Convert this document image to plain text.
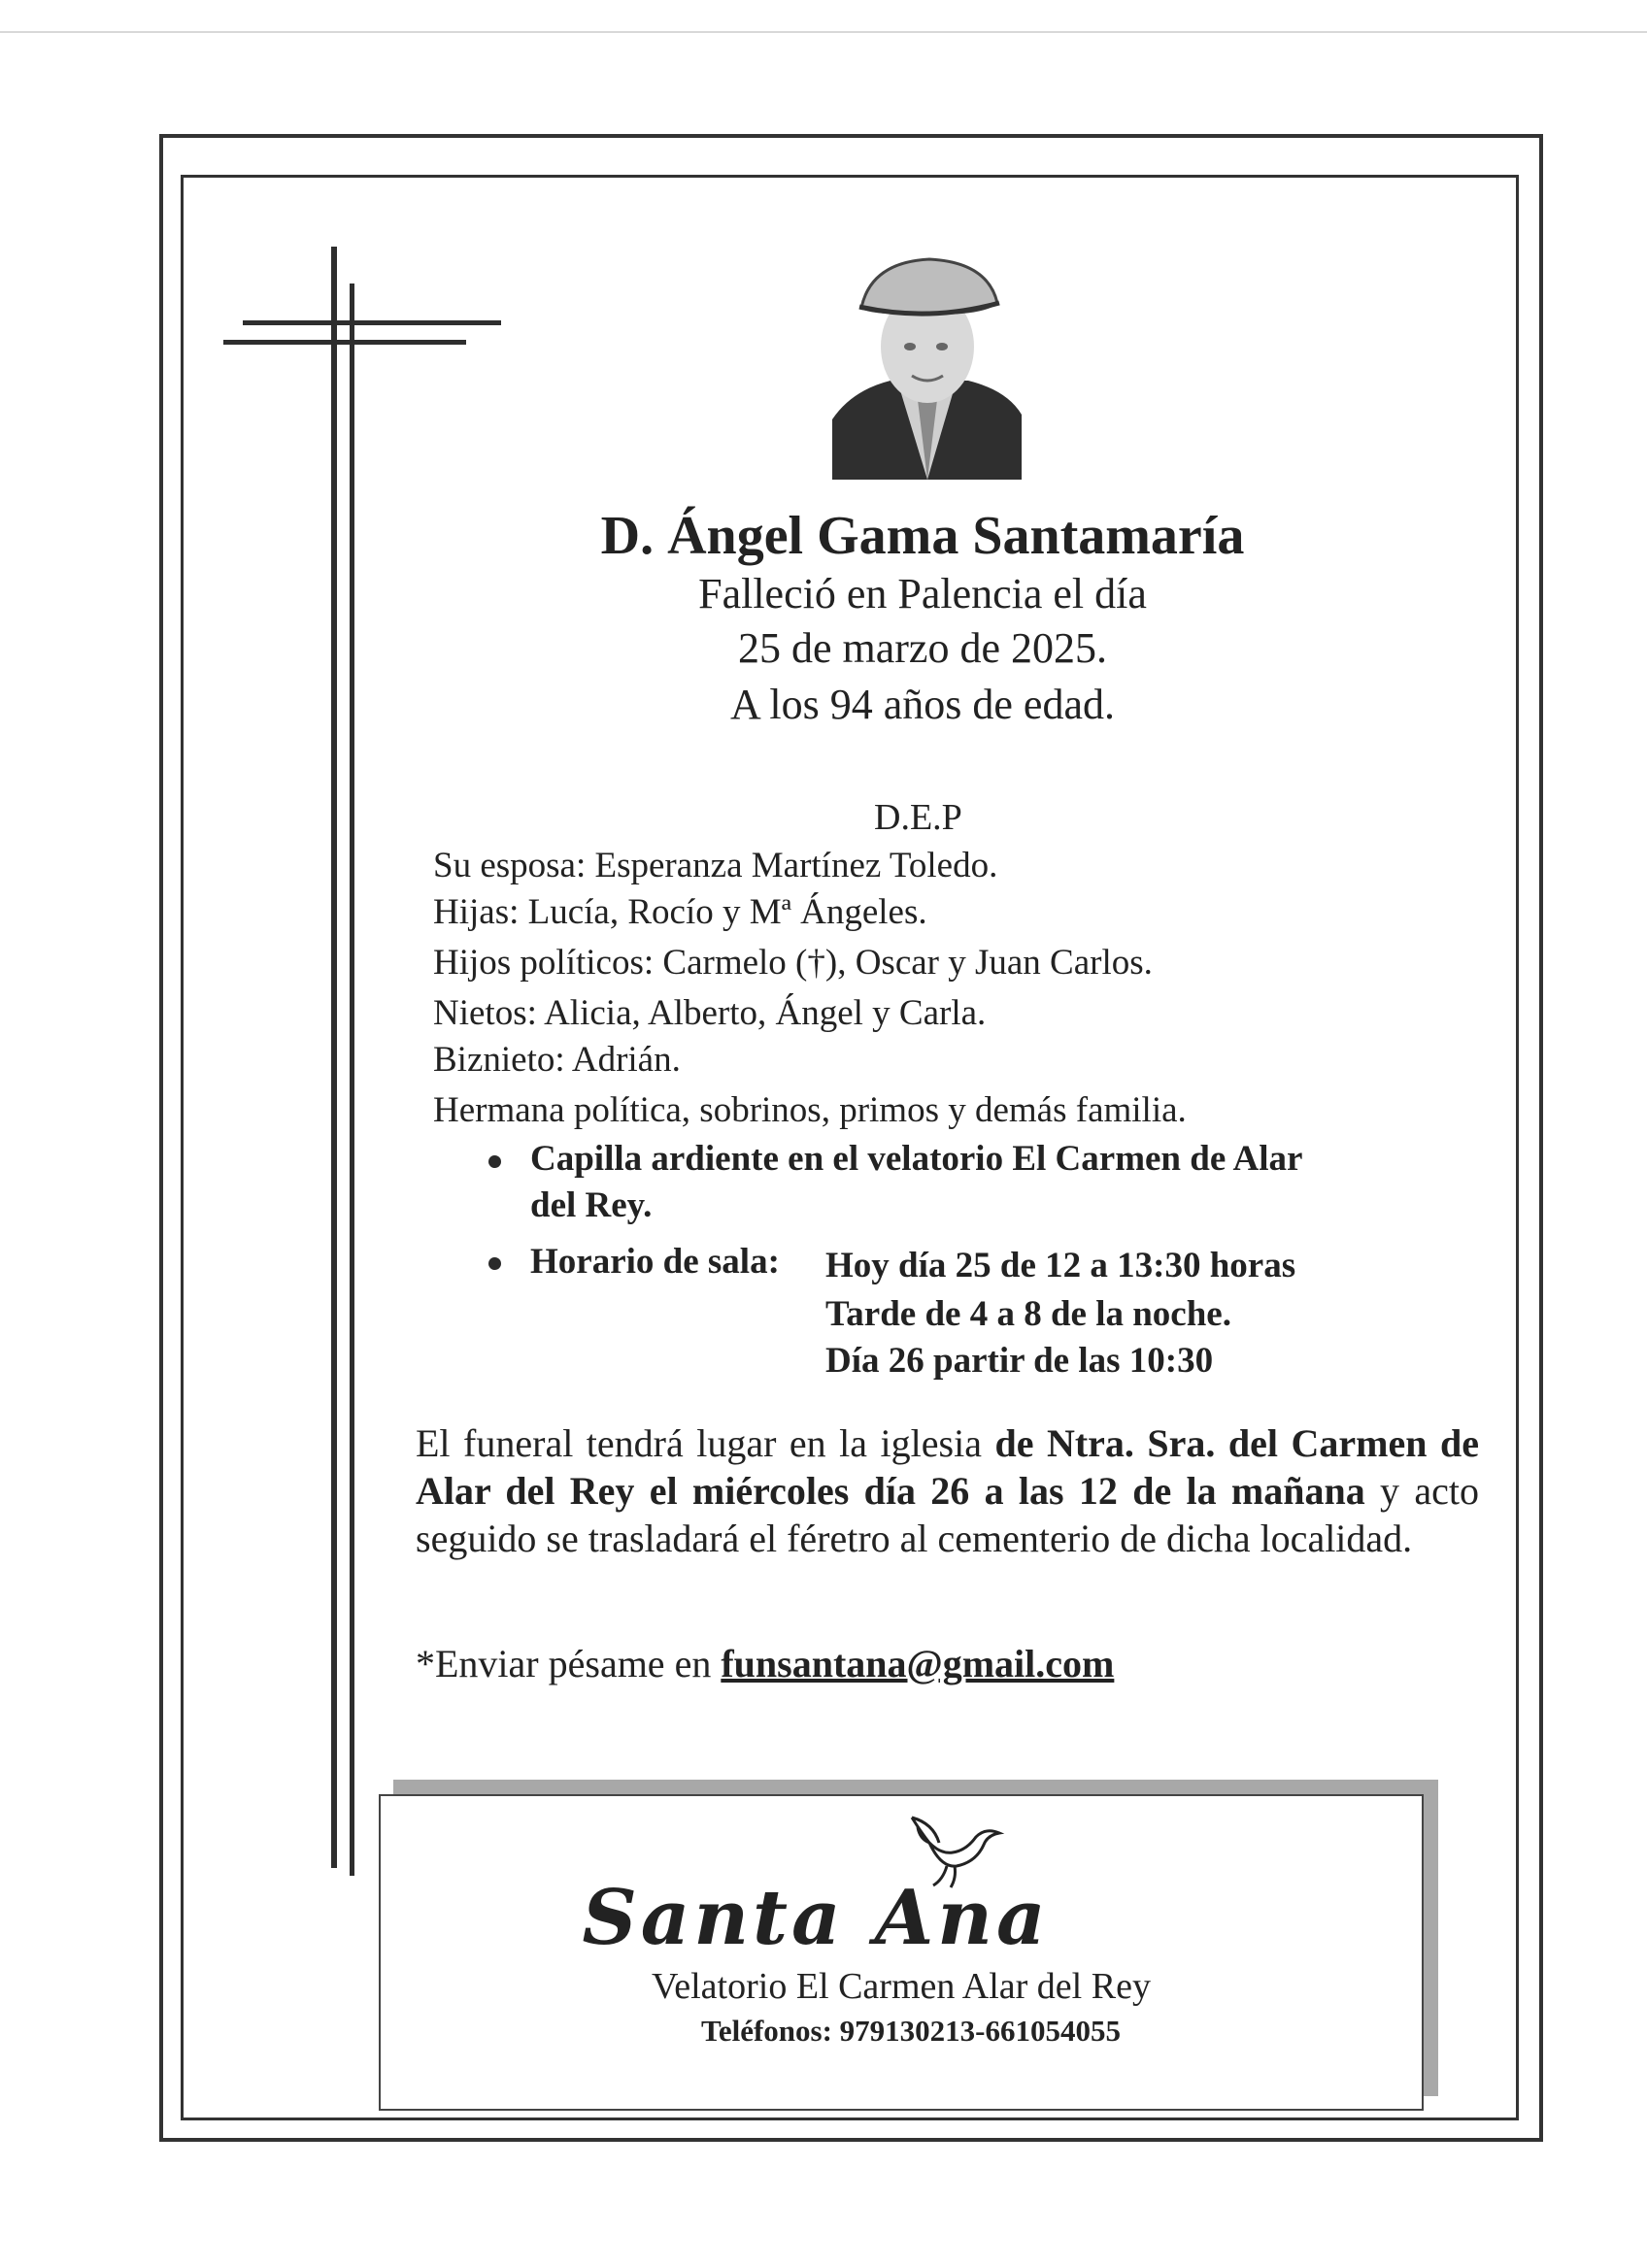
D. Ángel Gama Santamaría
Falleció en Palencia el día
25 de marzo de 2025.
A los 94 años de edad.
D.E.P
Su esposa: Esperanza Martínez Toledo.
Hijas: Lucía, Rocío y Mª Ángeles.
Hijos políticos: Carmelo (†), Oscar y Juan Carlos.
Nietos: Alicia, Alberto, Ángel y Carla.
Biznieto: Adrián.
Hermana política, sobrinos, primos y demás familia.
Capilla ardiente en el velatorio El Carmen de Alar
del Rey.
Horario de sala: Hoy día 25 de 12 a 13:30 horas
Tarde de 4 a 8 de la noche.
Día 26 partir de las 10:30
El funeral tendrá lugar en la iglesia de Ntra. Sra. del Carmen de Alar del Rey el miércoles día 26 a las 12 de la mañana y acto seguido se trasladará el féretro al cementerio de dicha localidad.
*Enviar pésame en funsantana@gmail.com
Santa Ana
Velatorio El Carmen Alar del Rey
Teléfonos: 979130213-661054055
